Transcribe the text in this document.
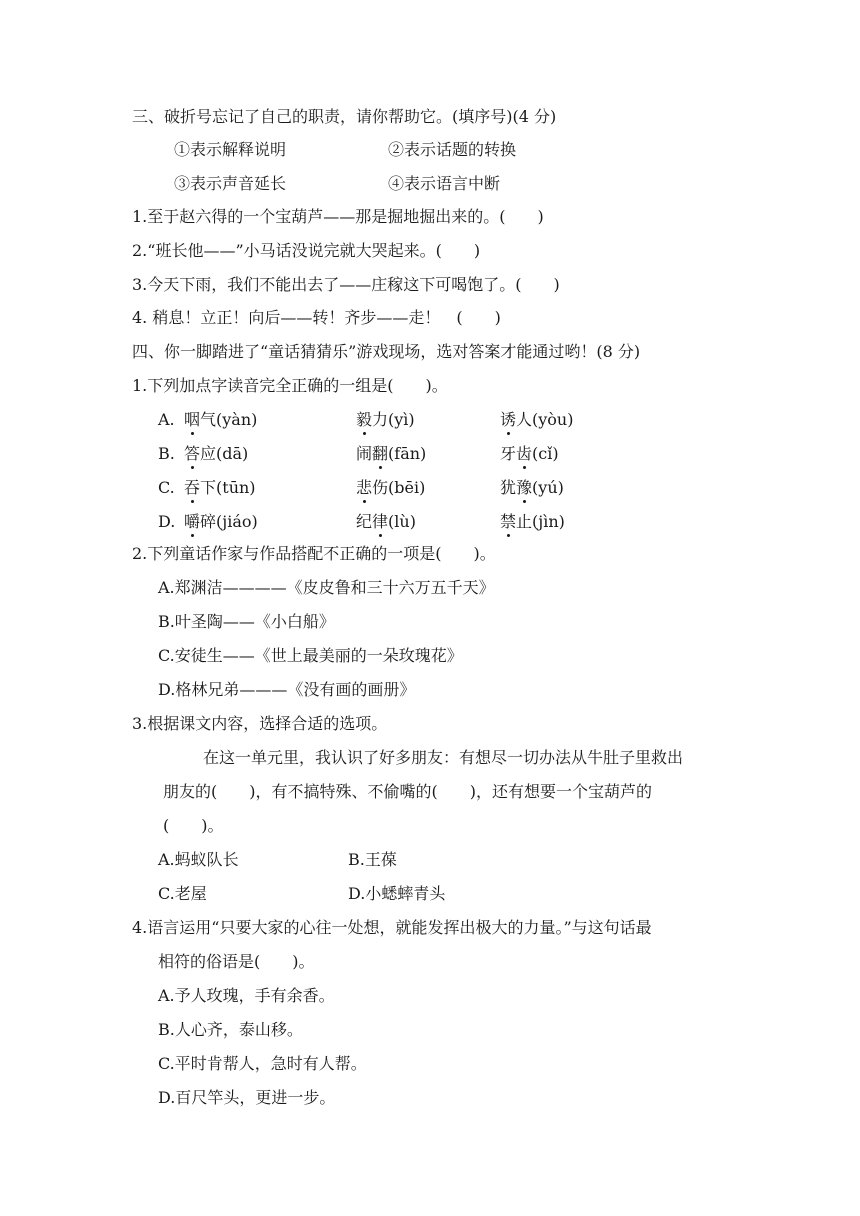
三、破折号忘记了自己的职责，请你帮助它。(填序号)(4 分)
①表示解释说明	②表示话题的转换
③表示声音延长	④表示语言中断
1.至于赵六得的一个宝葫芦——那是掘地掘出来的。(　　)
2.“班长他——”小马话没说完就大哭起来。(　　)
3.今天下雨，我们不能出去了——庄稼这下可喝饱了。(　　)
4. 稍息！立正！向后——转！齐步——走！　(　　)
四、你一脚踏进了“童话猜猜乐”游戏现场，选对答案才能通过哟！(8 分)
1.下列加点字读音完全正确的一组是(　　)。
A. 咽气(yàn)	毅力(yì)	诱人(yòu)
B. 答应(dā)	闹翻(fān)	牙齿(cǐ)
C. 吞下(tūn)	悲伤(bēi)	犹豫(yú)
D. 嚼碎(jiáo)	纪律(lù)	禁止(jìn)
2.下列童话作家与作品搭配不正确的一项是(　　)。
A.郑渊洁————《皮皮鲁和三十六万五千天》
B.叶圣陶——《小白船》
C.安徒生——《世上最美丽的一朵玫瑰花》
D.格林兄弟———《没有画的画册》
3.根据课文内容，选择合适的选项。
在这一单元里，我认识了好多朋友：有想尽一切办法从牛肚子里救出
朋友的(　　)，有不搞特殊、不偷嘴的(　　)，还有想要一个宝葫芦的
(　　)。
A.蚂蚁队长	B.王葆
C.老屋	D.小蟋蟀青头
4.语言运用“只要大家的心往一处想，就能发挥出极大的力量。”与这句话最
相符的俗语是(　　)。
A.予人玫瑰，手有余香。
B.人心齐，泰山移。
C.平时肯帮人，急时有人帮。
D.百尺竿头，更进一步。
